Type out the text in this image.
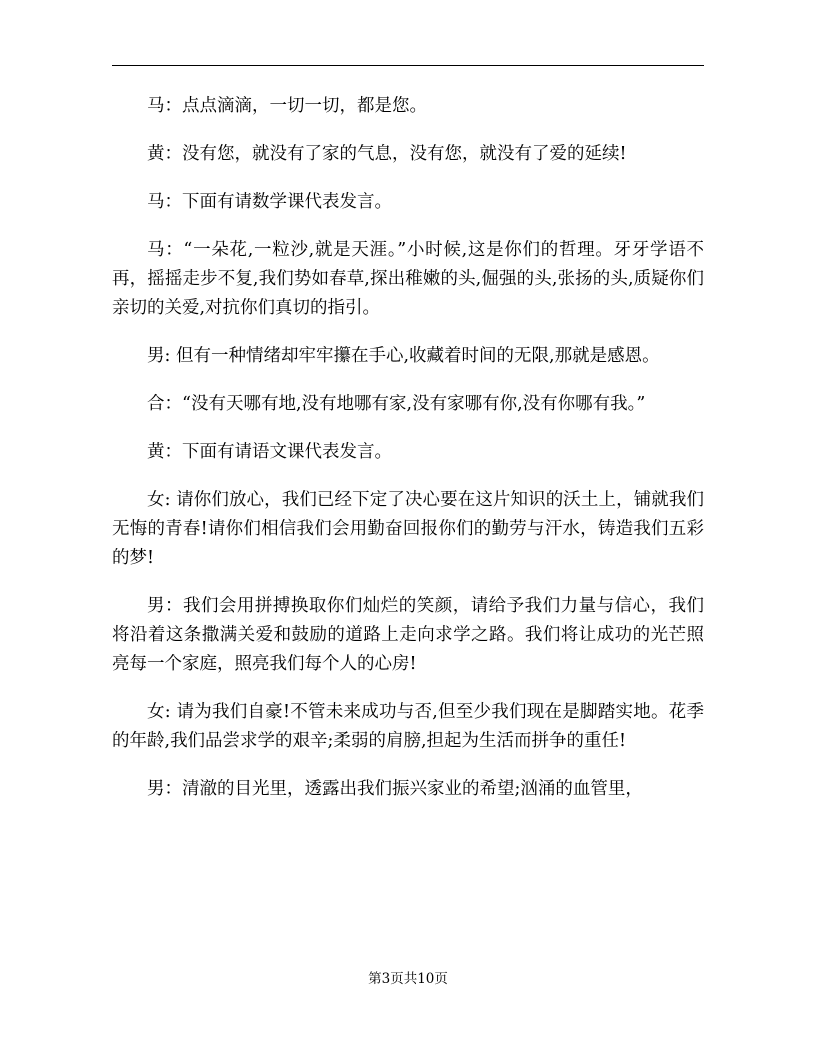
马：点点滴滴，一切一切，都是您。

黄：没有您，就没有了家的气息，没有您，就没有了爱的延续!

马：下面有请数学课代表发言。

马：“一朵花,一粒沙,就是天涯。”小时候,这是你们的哲理。牙牙学语不再，摇摇走步不复,我们势如春草,探出稚嫩的头,倔强的头,张扬的头,质疑你们亲切的关爱,对抗你们真切的指引。

男: 但有一种情绪却牢牢攥在手心,收藏着时间的无限,那就是感恩。

合：“没有天哪有地,没有地哪有家,没有家哪有你,没有你哪有我。”

黄：下面有请语文课代表发言。

女: 请你们放心，我们已经下定了决心要在这片知识的沃土上，铺就我们无悔的青春!请你们相信我们会用勤奋回报你们的勤劳与汗水，铸造我们五彩的梦!

男：我们会用拼搏换取你们灿烂的笑颜，请给予我们力量与信心，我们将沿着这条撒满关爱和鼓励的道路上走向求学之路。我们将让成功的光芒照亮每一个家庭，照亮我们每个人的心房!

女: 请为我们自豪!不管未来成功与否,但至少我们现在是脚踏实地。花季的年龄,我们品尝求学的艰辛;柔弱的肩膀,担起为生活而拼争的重任!

男：清澈的目光里，透露出我们振兴家业的希望;汹涌的血管里，

第3页共10页
